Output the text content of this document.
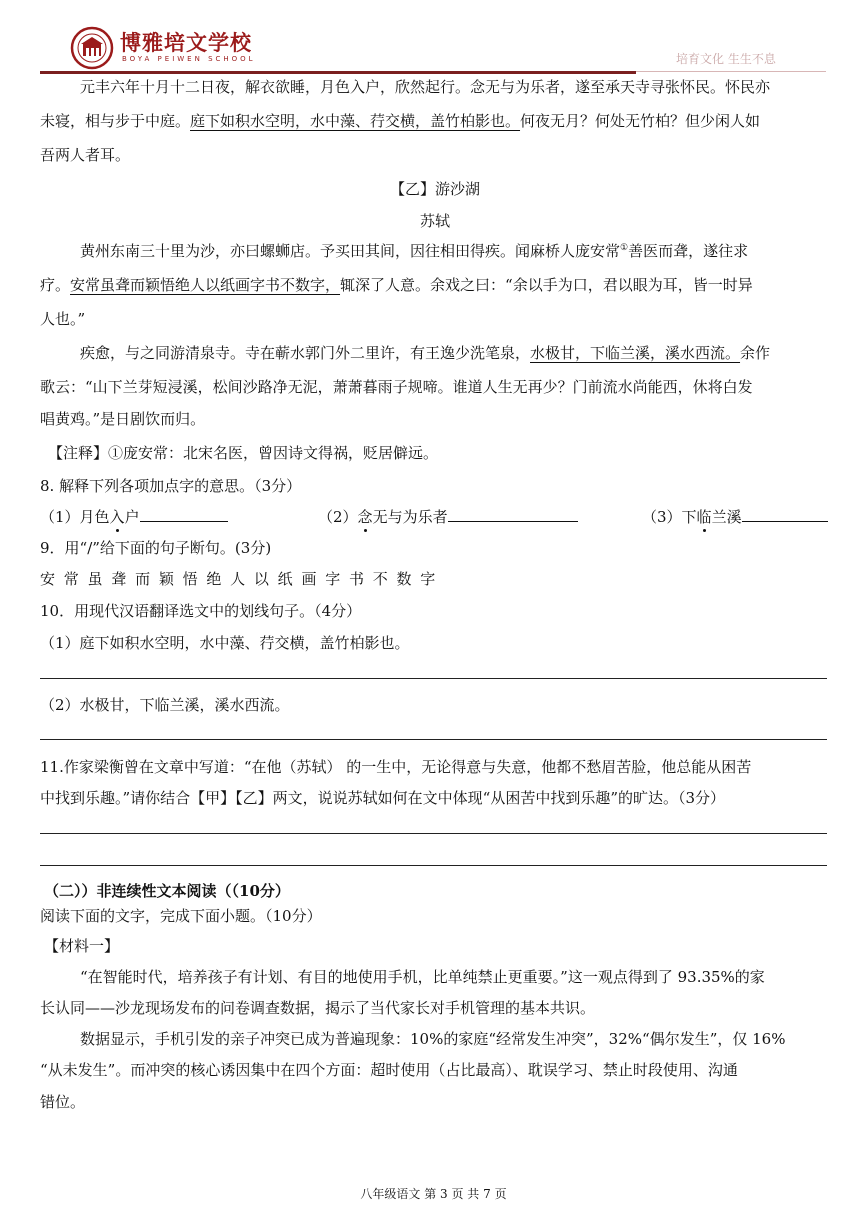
博雅培文学校
BOYA PEIWEN SCHOOL	培育文化 生生不息
元丰六年十月十二日夜，解衣欲睡，月色入户，欣然起行。念无与为乐者，遂至承天寺寻张怀民。怀民亦
未寝，相与步于中庭。庭下如积水空明，水中藻、荇交横，盖竹柏影也。何夜无月？何处无竹柏？但少闲人如
吾两人者耳。
【乙】游沙湖
苏轼
黄州东南三十里为沙，亦曰螺蛳店。予买田其间，因往相田得疾。闻麻桥人庞安常①善医而聋，遂往求
疗。安常虽聋而颖悟绝人以纸画字书不数字，辄深了人意。余戏之曰：“余以手为口，君以眼为耳，皆一时异
人也。”
疾愈，与之同游清泉寺。寺在蕲水郭门外二里许，有王逸少洗笔泉，水极甘，下临兰溪，溪水西流。余作
歌云：“山下兰芽短浸溪，松间沙路净无泥，萧萧暮雨子规啼。谁道人生无再少？门前流水尚能西，休将白发
唱黄鸡。”是日剧饮而归。
【注释】①庞安常：北宋名医，曾因诗文得祸，贬居僻远。
8. 解释下列各项加点字的意思。（3分）
（1）月色入户	（2）念无与为乐者	（3）下临兰溪
9．用“/”给下面的句子断句。(3分)
安 常 虽 聋 而 颖 悟 绝 人 以 纸 画 字 书 不 数 字
10．用现代汉语翻译选文中的划线句子。（4分）
（1）庭下如积水空明，水中藻、荇交横，盖竹柏影也。
（2）水极甘，下临兰溪，溪水西流。
11.作家梁衡曾在文章中写道：“在他（苏轼） 的一生中，无论得意与失意，他都不愁眉苦脸，他总能从困苦
中找到乐趣。”请你结合【甲】【乙】两文，说说苏轼如何在文中体现“从困苦中找到乐趣”的旷达。（3分）
（二））非连续性文本阅读（（10分）
阅读下面的文字，完成下面小题。（10分）
【材料一】
“在智能时代，培养孩子有计划、有目的地使用手机，比单纯禁止更重要。”这一观点得到了 93.35%的家
长认同——沙龙现场发布的问卷调查数据，揭示了当代家长对手机管理的基本共识。
数据显示，手机引发的亲子冲突已成为普遍现象：10%的家庭“经常发生冲突”，32%“偶尔发生”，仅 16%
“从未发生”。而冲突的核心诱因集中在四个方面：超时使用（占比最高）、耽误学习、禁止时段使用、沟通
错位。
八年级语文 第 3 页 共 7 页
